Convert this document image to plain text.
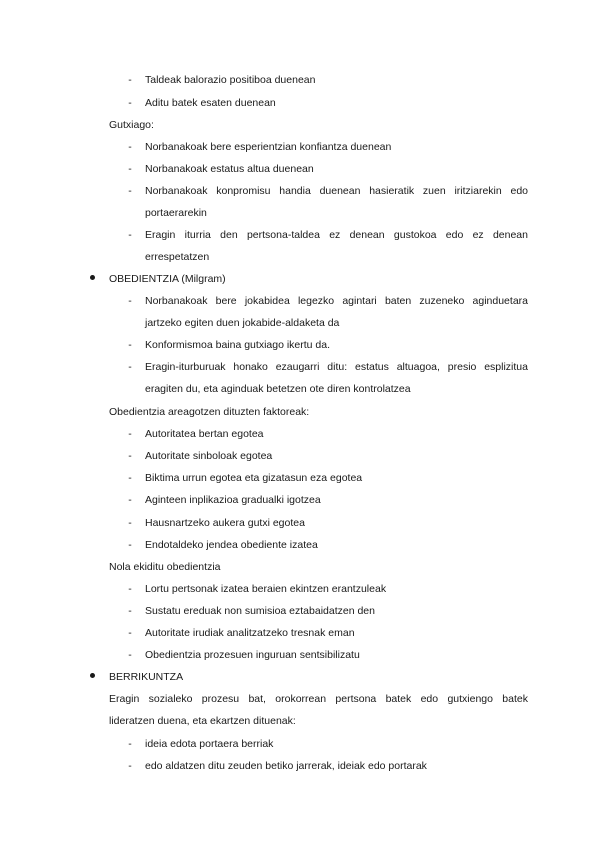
- Taldeak balorazio positiboa duenean
- Aditu batek esaten duenean
Gutxiago:
- Norbanakoak bere esperientzian konfiantza duenean
- Norbanakoak estatus altua duenean
- Norbanakoak konpromisu handia duenean hasieratik zuen iritziarekin edo
portaerarekin
- Eragin iturria den pertsona-taldea ez denean gustokoa edo ez denean
errespetatzen
OBEDIENTZIA (Milgram)
- Norbanakoak bere jokabidea legezko agintari baten zuzeneko aginduetara
jartzeko egiten duen jokabide-aldaketa da
- Konformismoa baina gutxiago ikertu da.
- Eragin-iturburuak honako ezaugarri ditu: estatus altuagoa, presio esplizitua
eragiten du, eta aginduak betetzen ote diren kontrolatzea
Obedientzia areagotzen dituzten faktoreak:
- Autoritatea bertan egotea
- Autoritate sinboloak egotea
- Biktima urrun egotea eta gizatasun eza egotea
- Aginteen inplikazioa gradualki igotzea
- Hausnartzeko aukera gutxi egotea
- Endotaldeko jendea obediente izatea
Nola ekiditu obedientzia
- Lortu pertsonak izatea beraien ekintzen erantzuleak
- Sustatu ereduak non sumisioa eztabaidatzen den
- Autoritate irudiak analitzatzeko tresnak eman
- Obedientzia prozesuen inguruan sentsibilizatu
BERRIKUNTZA
Eragin sozialeko prozesu bat, orokorrean pertsona batek edo gutxiengo batek
lideratzen duena, eta ekartzen dituenak:
- ideia edota portaera berriak
- edo aldatzen ditu zeuden betiko jarrerak, ideiak edo portarak
